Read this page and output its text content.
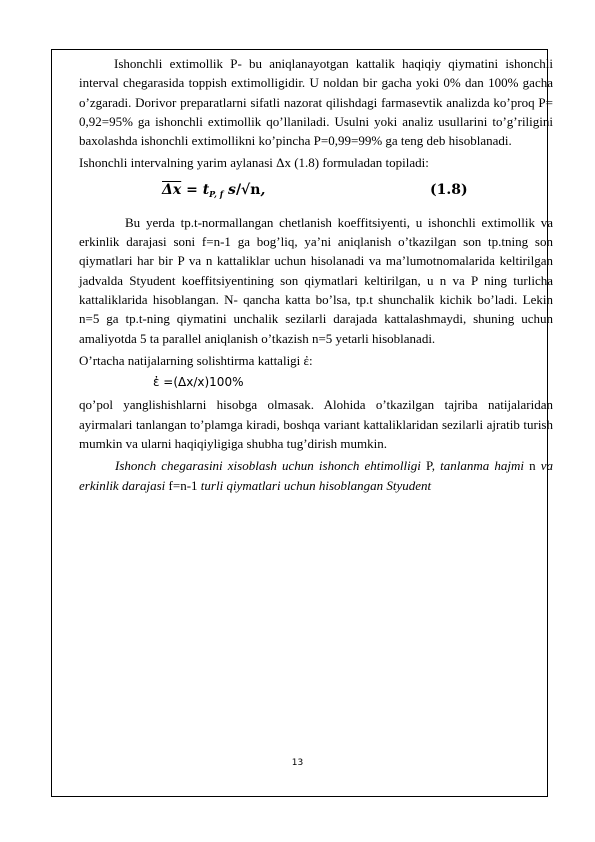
Ishonchli extimollik P- bu aniqlanayotgan kattalik haqiqiy qiymatini ishonchli interval chegarasida toppish extimolligidir. U noldan bir gacha yoki 0% dan 100% gacha o’zgaradi. Dorivor preparatlarni sifatli nazorat qilishdagi farmasevtik analizda ko’proq P= 0,92=95% ga ishonchli extimollik qo’llaniladi. Usulni yoki analiz usullarini to’g’riligini baxolashda ishonchli extimollikni ko’pincha P=0,99=99% ga teng deb hisoblanadi.

Ishonchli intervalning yarim aylanasi Δx (1.8) formuladan topiladi:

$\overline{\Delta x} = t_{P, f}$ s/√n,	(1.8)

Bu yerda tp.t-normallangan chetlanish koeffitsiyenti, u ishonchli extimollik va erkinlik darajasi soni f=n-1 ga bog’liq, ya’ni aniqlanish o’tkazilgan son tp.tning son qiymatlari har bir P va n kattaliklar uchun hisolanadi va ma’lumotnomalarida keltirilgan jadvalda Styudent koeffitsiyentining son qiymatlari keltirilgan, u n va P ning turlicha kattaliklarida hisoblangan. N- qancha katta bo’lsa, tp.t shunchalik kichik bo’ladi. Lekin n=5 ga tp.t-ning qiymatini unchalik sezilarli darajada kattalashmaydi, shuning uchun amaliyotda 5 ta parallel aniqlanish o’tkazish n=5 yetarli hisoblanadi.

O’rtacha natijalarning solishtirma kattaligi ἐ:

ἐ =(Δx/x)100%

qo’pol yanglishishlarni hisobga olmasak. Alohida o’tkazilgan tajriba natijalaridan ayirmalari tanlangan to’plamga kiradi, boshqa variant kattaliklaridan sezilarli ajratib turish mumkin va ularni haqiqiyligiga shubha tug’dirish mumkin.

Ishonch chegarasini xisoblash uchun ishonch ehtimolligi P, tanlanma hajmi n va erkinlik darajasi f=n-1 turli qiymatlari uchun hisoblangan Styudent

13
